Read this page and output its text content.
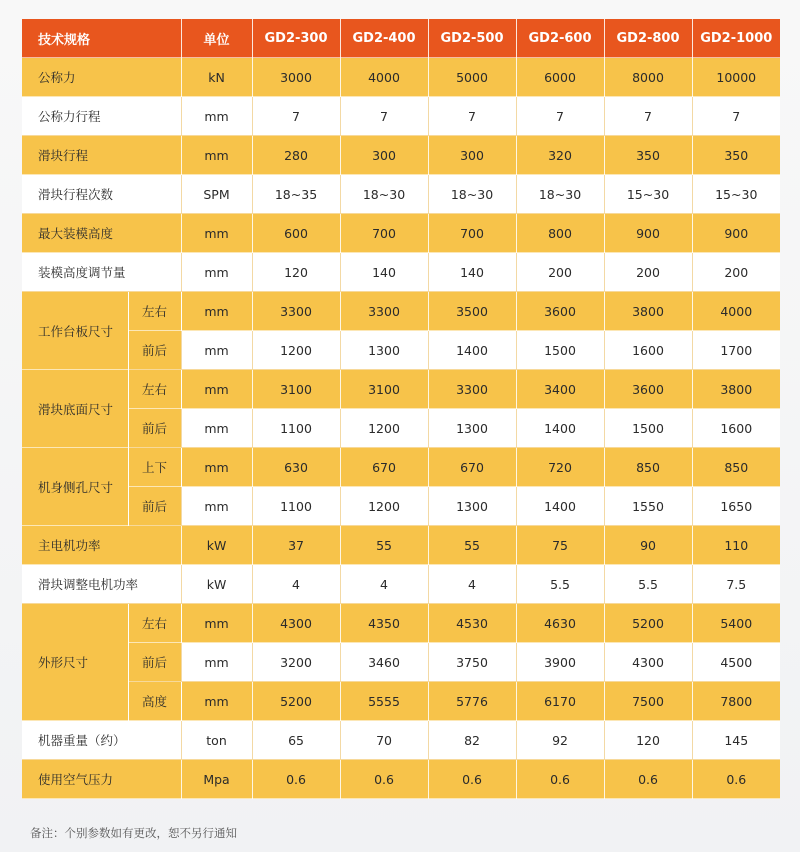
技术规格		单位	GD2-300	GD2-400	GD2-500	GD2-600	GD2-800	GD2-1000
公称力		kN	3000	4000	5000	6000	8000	10000
公称力行程		mm	7	7	7	7	7	7
滑块行程		mm	280	300	300	320	350	350
滑块行程次数		SPM	18~35	18~30	18~30	18~30	15~30	15~30
最大装模高度		mm	600	700	700	800	900	900
装模高度调节量		mm	120	140	140	200	200	200
工作台板尺寸	左右	mm	3300	3300	3500	3600	3800	4000
	前后	mm	1200	1300	1400	1500	1600	1700
滑块底面尺寸	左右	mm	3100	3100	3300	3400	3600	3800
	前后	mm	1100	1200	1300	1400	1500	1600
机身侧孔尺寸	上下	mm	630	670	670	720	850	850
	前后	mm	1100	1200	1300	1400	1550	1650
主电机功率		kW	37	55	55	75	90	110
滑块调整电机功率		kW	4	4	4	5.5	5.5	7.5
外形尺寸	左右	mm	4300	4350	4530	4630	5200	5400
	前后	mm	3200	3460	3750	3900	4300	4500
	高度	mm	5200	5555	5776	6170	7500	7800
机器重量（约）		ton	65	70	82	92	120	145
使用空气压力		Mpa	0.6	0.6	0.6	0.6	0.6	0.6
备注：个别参数如有更改，恕不另行通知
